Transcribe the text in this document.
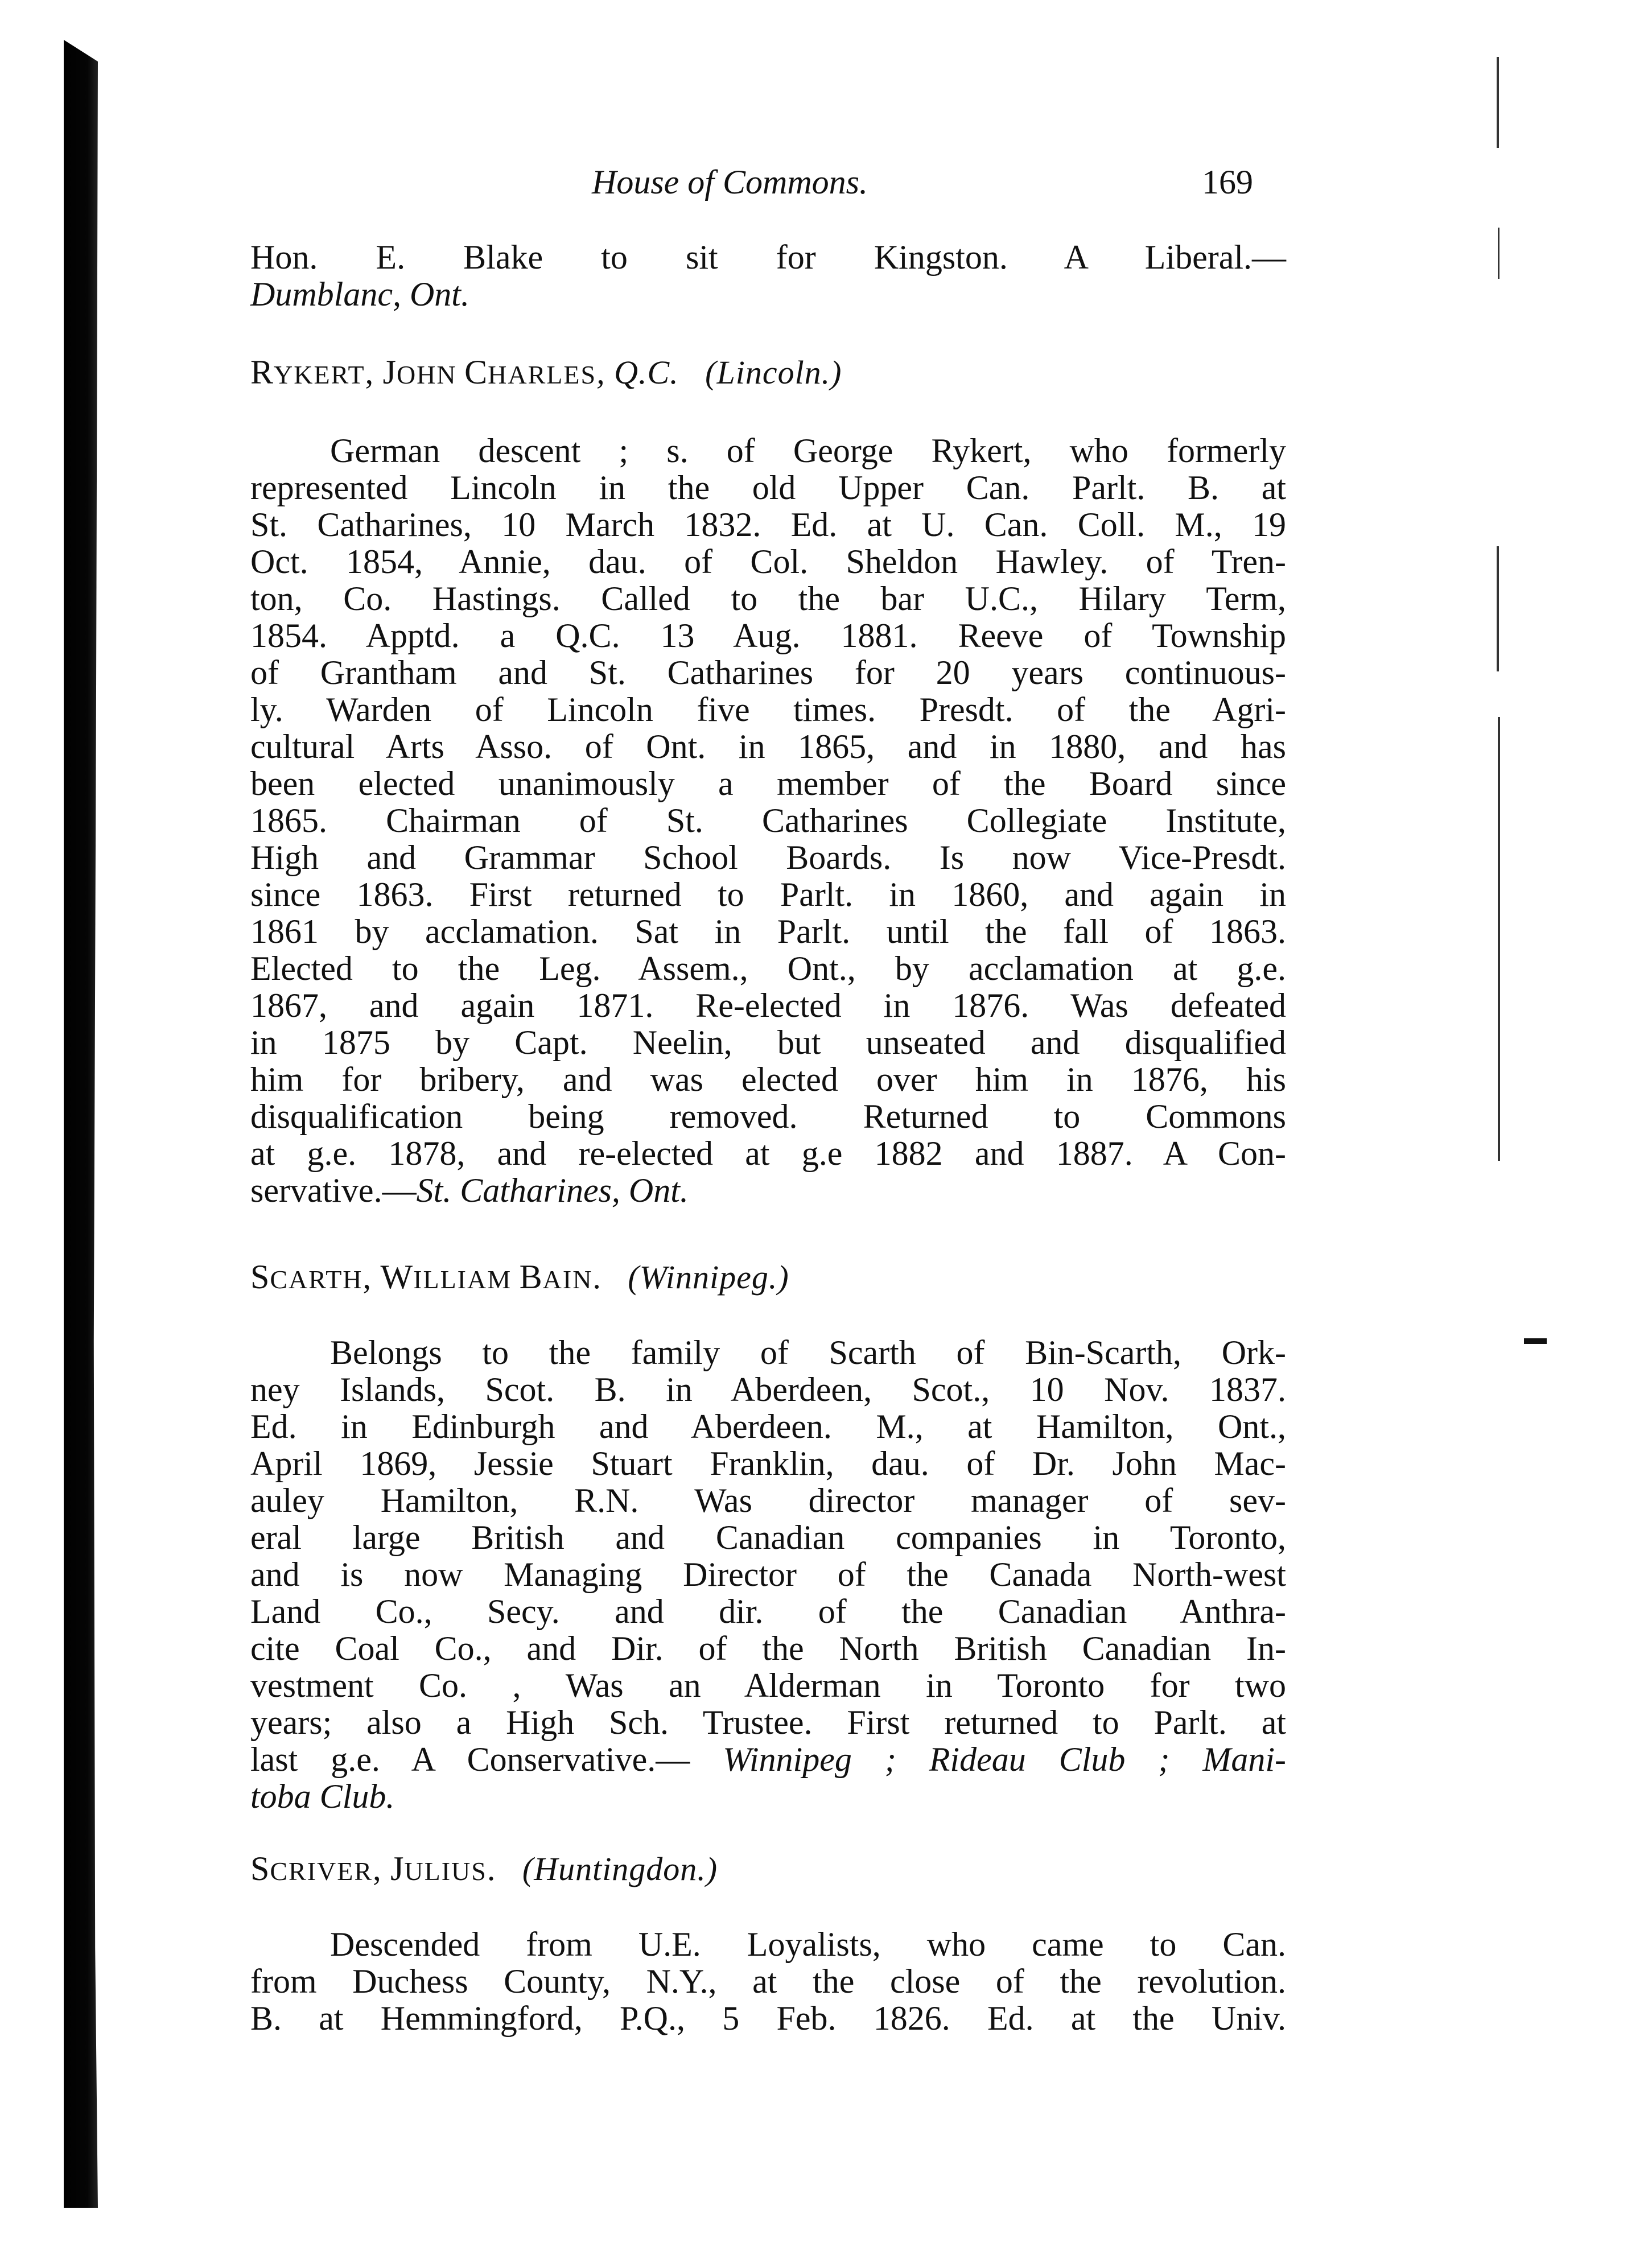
House of Commons.	169
Hon. E. Blake to sit for Kingston. A Liberal.—
Dumblanc, Ont.
RYKERT, JOHN CHARLES, Q.C. (Lincoln.)
German descent ; s. of George Rykert, who formerly
represented Lincoln in the old Upper Can. Parlt. B. at
St. Catharines, 10 March 1832. Ed. at U. Can. Coll. M., 19
Oct. 1854, Annie, dau. of Col. Sheldon Hawley. of Tren-
ton, Co. Hastings. Called to the bar U.C., Hilary Term,
1854. Apptd. a Q.C. 13 Aug. 1881. Reeve of Township
of Grantham and St. Catharines for 20 years continuous-
ly. Warden of Lincoln five times. Presdt. of the Agri-
cultural Arts Asso. of Ont. in 1865, and in 1880, and has
been elected unanimously a member of the Board since
1865. Chairman of St. Catharines Collegiate Institute,
High and Grammar School Boards. Is now Vice-Presdt.
since 1863. First returned to Parlt. in 1860, and again in
1861 by acclamation. Sat in Parlt. until the fall of 1863.
Elected to the Leg. Assem., Ont., by acclamation at g.e.
1867, and again 1871. Re-elected in 1876. Was defeated
in 1875 by Capt. Neelin, but unseated and disqualified
him for bribery, and was elected over him in 1876, his
disqualification being removed. Returned to Commons
at g.e. 1878, and re-elected at g.e 1882 and 1887. A Con-
servative.—St. Catharines, Ont.
SCARTH, WILLIAM BAIN. (Winnipeg.)
Belongs to the family of Scarth of Bin-Scarth, Ork-
ney Islands, Scot. B. in Aberdeen, Scot., 10 Nov. 1837.
Ed. in Edinburgh and Aberdeen. M., at Hamilton, Ont.,
April 1869, Jessie Stuart Franklin, dau. of Dr. John Mac-
auley Hamilton, R.N. Was director manager of sev-
eral large British and Canadian companies in Toronto,
and is now Managing Director of the Canada North-west
Land Co., Secy. and dir. of the Canadian Anthra-
cite Coal Co., and Dir. of the North British Canadian In-
vestment Co. , Was an Alderman in Toronto for two
years; also a High Sch. Trustee. First returned to Parlt. at
last g.e. A Conservative.— Winnipeg ; Rideau Club ; Mani-
toba Club.
SCRIVER, JULIUS. (Huntingdon.)
Descended from U.E. Loyalists, who came to Can.
from Duchess County, N.Y., at the close of the revolution.
B. at Hemmingford, P.Q., 5 Feb. 1826. Ed. at the Univ.
